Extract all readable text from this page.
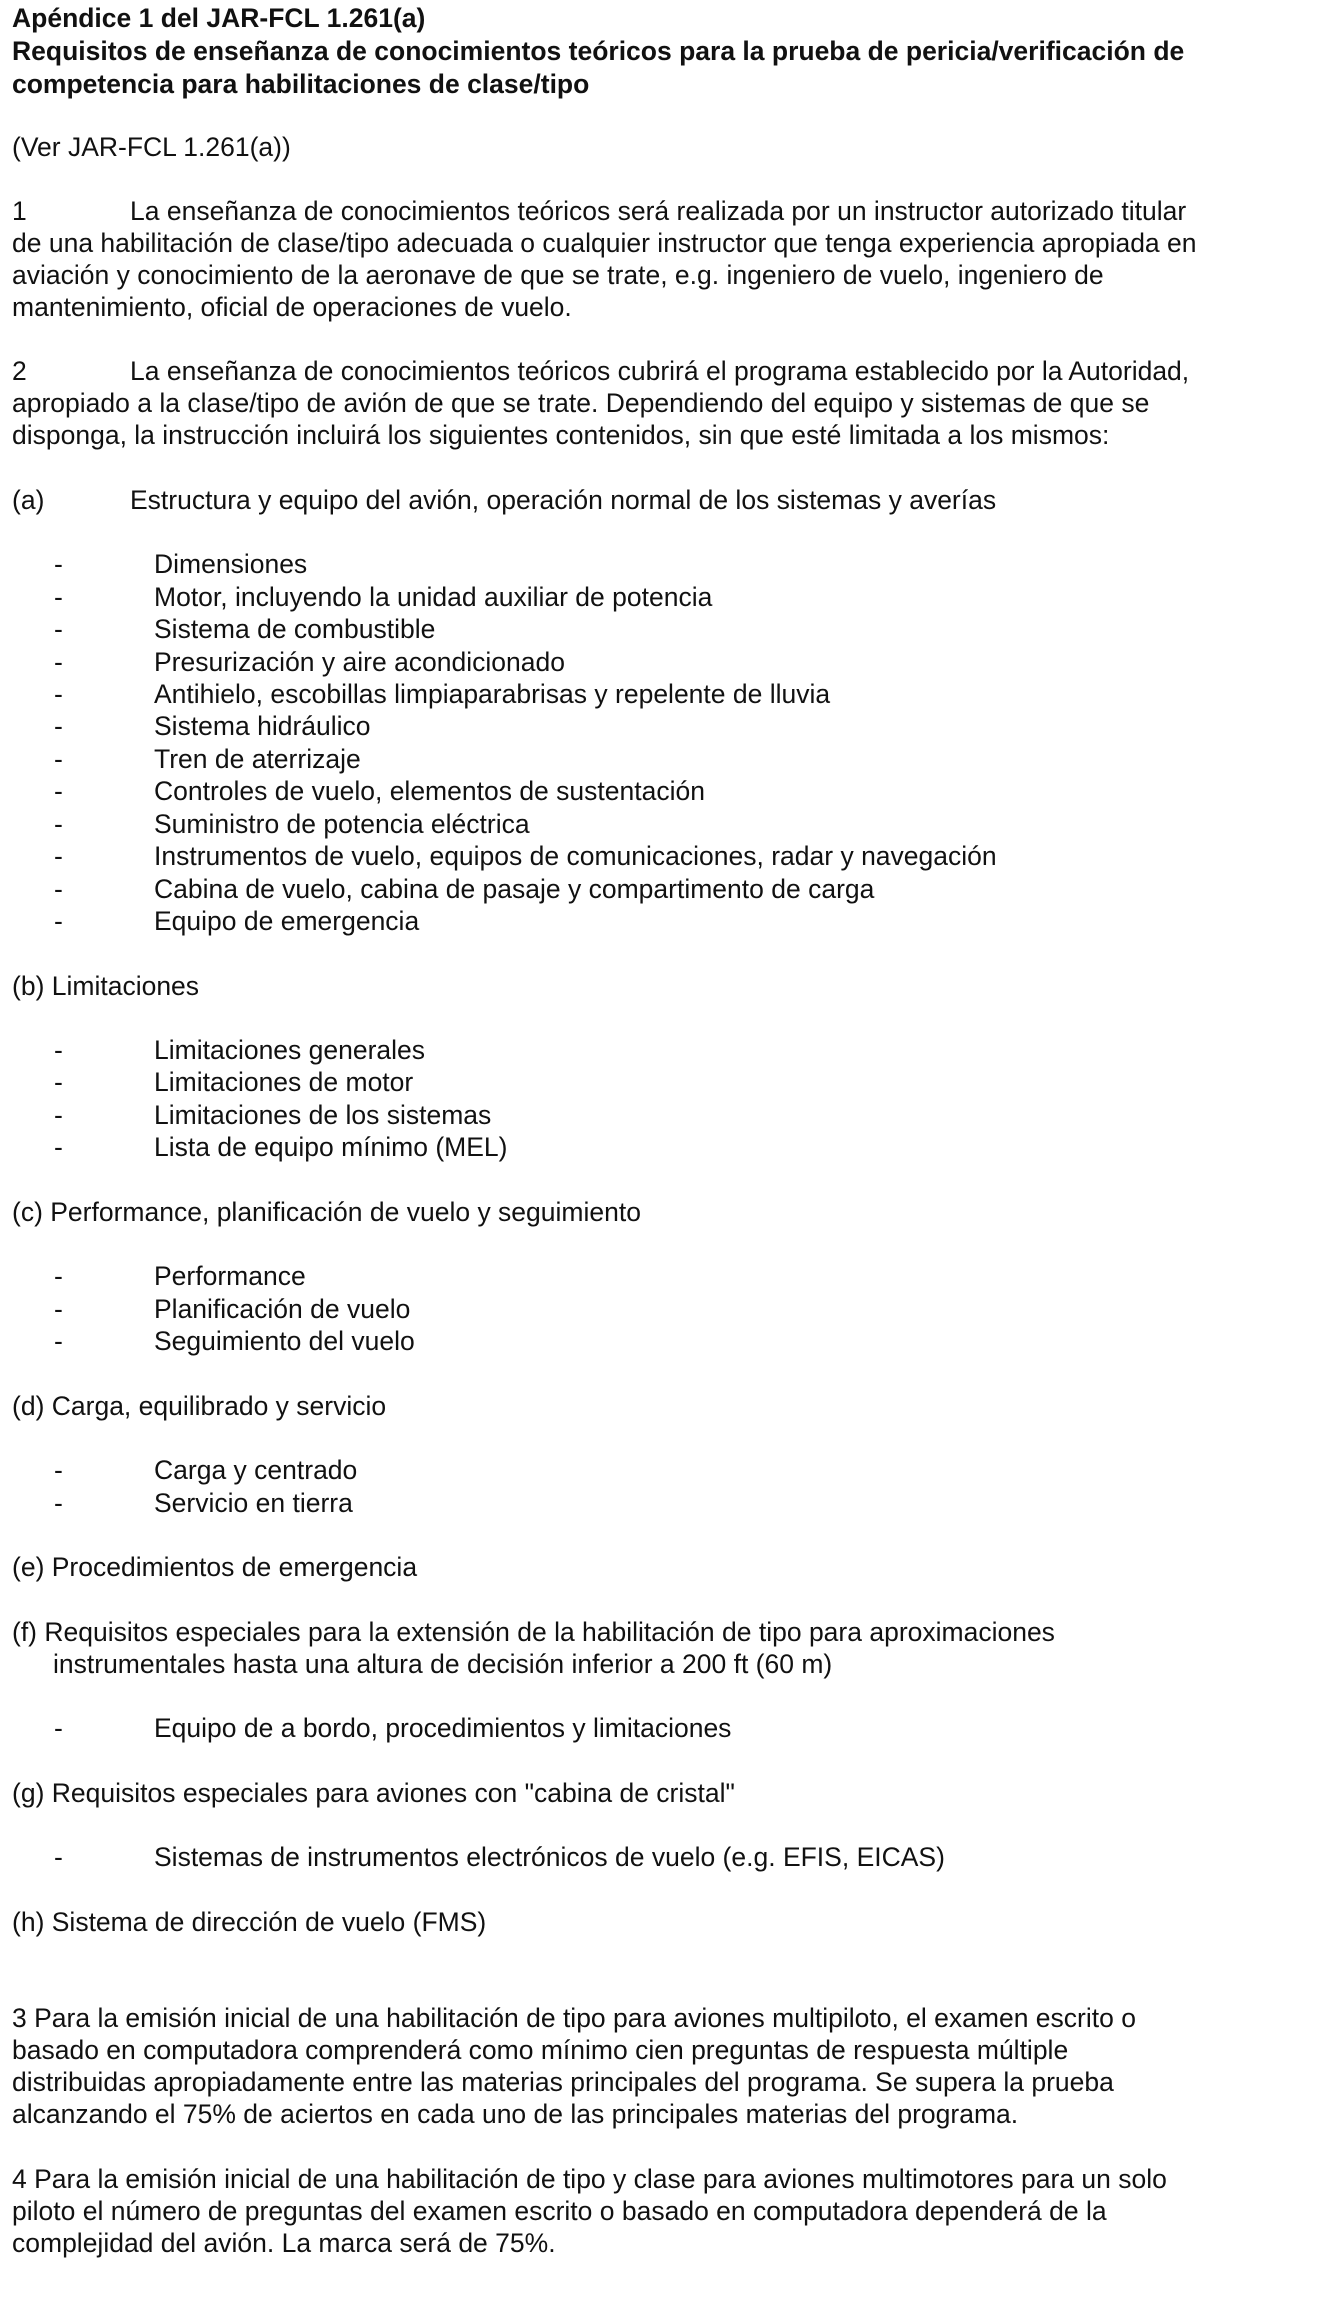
Apéndice 1 del JAR-FCL 1.261(a)
Requisitos de enseñanza de conocimientos teóricos para la prueba de pericia/verificación de
competencia para habilitaciones de clase/tipo
(Ver JAR-FCL 1.261(a))
1	La enseñanza de conocimientos teóricos será realizada por un instructor autorizado titular
de una habilitación de clase/tipo adecuada o cualquier instructor que tenga experiencia apropiada en
aviación y conocimiento de la aeronave de que se trate, e.g. ingeniero de vuelo, ingeniero de
mantenimiento, oficial de operaciones de vuelo.
2	La enseñanza de conocimientos teóricos cubrirá el programa establecido por la Autoridad,
apropiado a la clase/tipo de avión de que se trate. Dependiendo del equipo y sistemas de que se
disponga, la instrucción incluirá los siguientes contenidos, sin que esté limitada a los mismos:
(a)	Estructura y equipo del avión, operación normal de los sistemas y averías
-	Dimensiones
-	Motor, incluyendo la unidad auxiliar de potencia
-	Sistema de combustible
-	Presurización y aire acondicionado
-	Antihielo, escobillas limpiaparabrisas y repelente de lluvia
-	Sistema hidráulico
-	Tren de aterrizaje
-	Controles de vuelo, elementos de sustentación
-	Suministro de potencia eléctrica
-	Instrumentos de vuelo, equipos de comunicaciones, radar y navegación
-	Cabina de vuelo, cabina de pasaje y compartimento de carga
-	Equipo de emergencia
(b) Limitaciones
-	Limitaciones generales
-	Limitaciones de motor
-	Limitaciones de los sistemas
-	Lista de equipo mínimo (MEL)
(c) Performance, planificación de vuelo y seguimiento
-	Performance
-	Planificación de vuelo
-	Seguimiento del vuelo
(d) Carga, equilibrado y servicio
-	Carga y centrado
-	Servicio en tierra
(e) Procedimientos de emergencia
(f) Requisitos especiales para la extensión de la habilitación de tipo para aproximaciones
instrumentales hasta una altura de decisión inferior a 200 ft (60 m)
-	Equipo de a bordo, procedimientos y limitaciones
(g) Requisitos especiales para aviones con "cabina de cristal"
-	Sistemas de instrumentos electrónicos de vuelo (e.g. EFIS, EICAS)
(h) Sistema de dirección de vuelo (FMS)
3 Para la emisión inicial de una habilitación de tipo para aviones multipiloto, el examen escrito o
basado en computadora comprenderá como mínimo cien preguntas de respuesta múltiple
distribuidas apropiadamente entre las materias principales del programa. Se supera la prueba
alcanzando el 75% de aciertos en cada uno de las principales materias del programa.
4 Para la emisión inicial de una habilitación de tipo y clase para aviones multimotores para un solo
piloto el número de preguntas del examen escrito o basado en computadora dependerá de la
complejidad del avión. La marca será de 75%.
